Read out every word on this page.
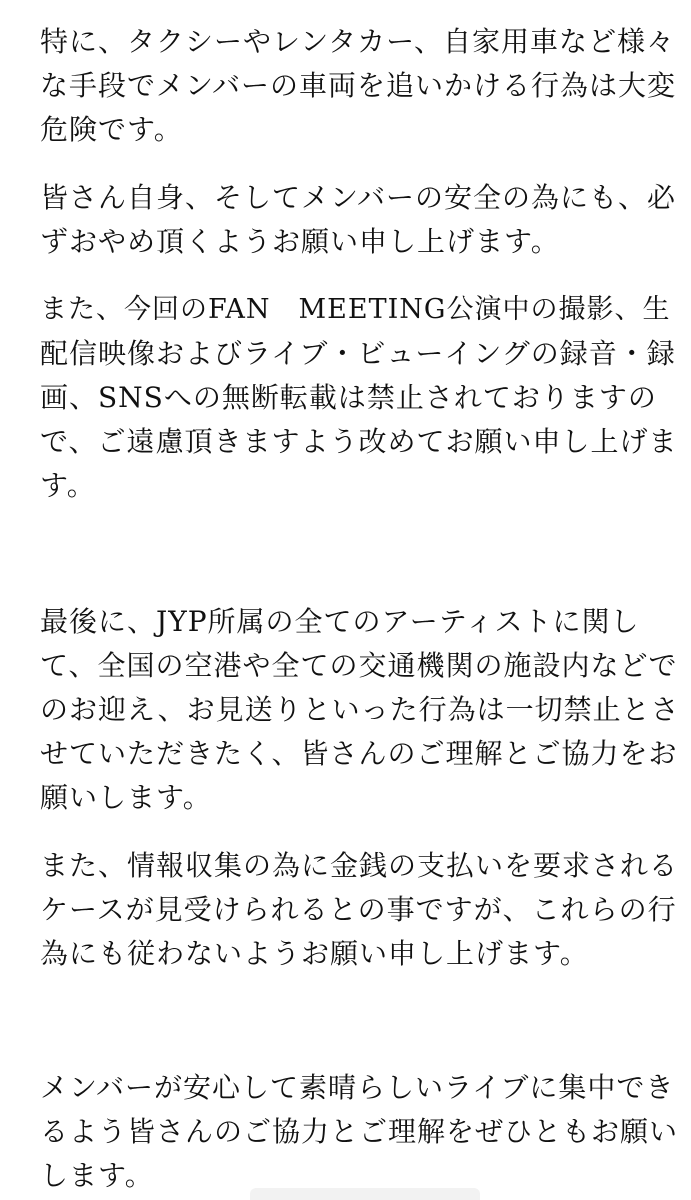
特に、タクシーやレンタカー、自家用車など様々
な手段でメンバーの車両を追いかける行為は大変
危険です。
皆さん自身、そしてメンバーの安全の為にも、必
ずおやめ頂くようお願い申し上げます。
また、今回のFAN　MEETING公演中の撮影、生
配信映像およびライブ・ビューイングの録音・録
画、SNSへの無断転載は禁止されておりますの
で、ご遠慮頂きますよう改めてお願い申し上げま
す。
最後に、JYP所属の全てのアーティストに関し
て、全国の空港や全ての交通機関の施設内などで
のお迎え、お見送りといった行為は一切禁止とさ
せていただきたく、皆さんのご理解とご協力をお
願いします。
また、情報収集の為に金銭の支払いを要求される
ケースが見受けられるとの事ですが、これらの行
為にも従わないようお願い申し上げます。
メンバーが安心して素晴らしいライブに集中でき
るよう皆さんのご協力とご理解をぜひともお願い
します。
